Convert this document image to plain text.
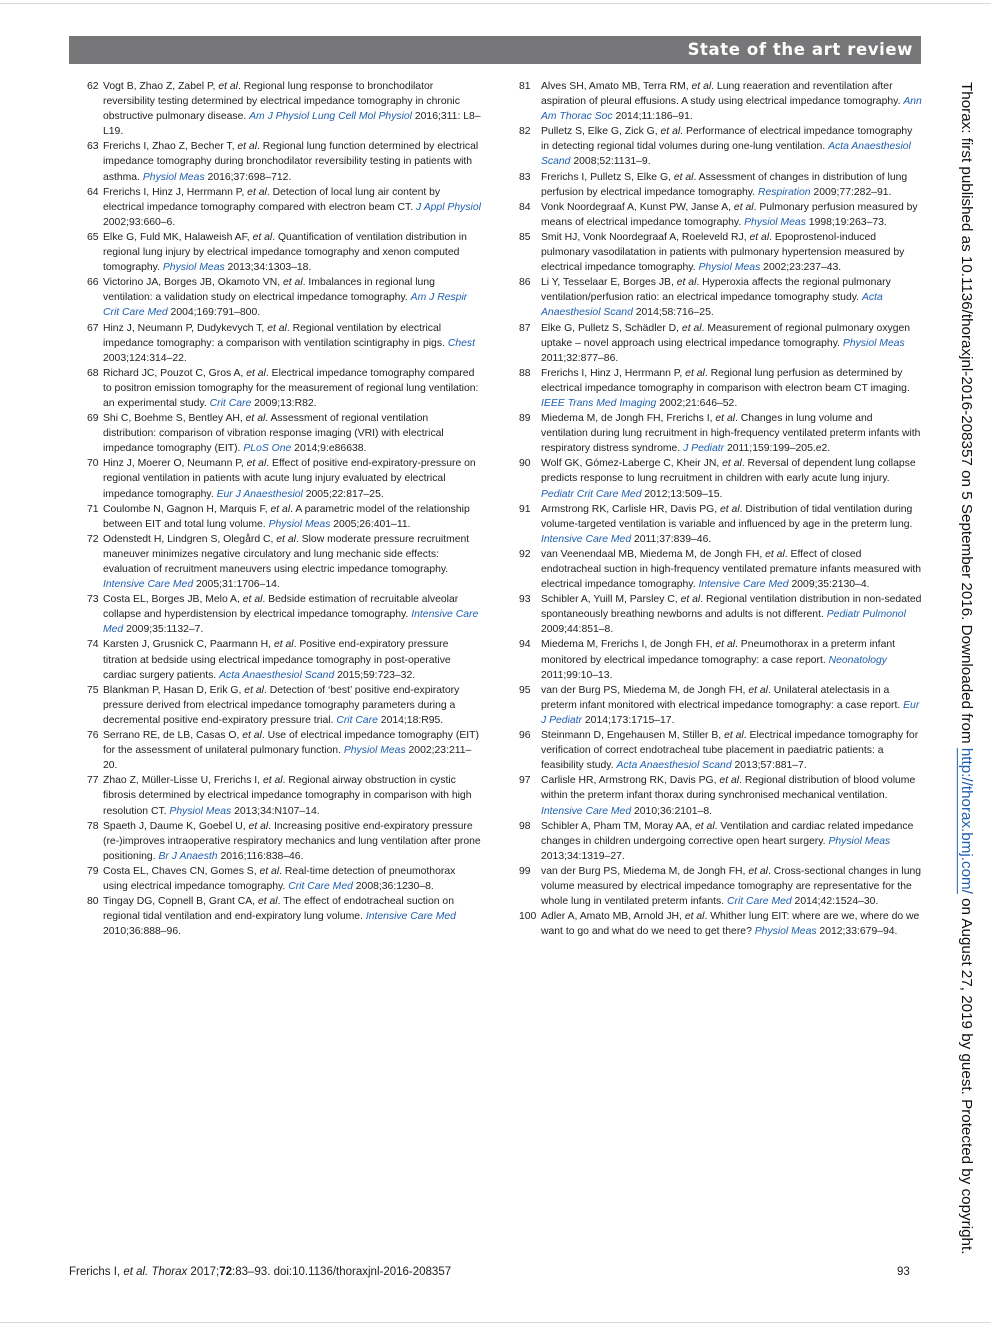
State of the art review
62 Vogt B, Zhao Z, Zabel P, et al. Regional lung response to bronchodilator reversibility testing determined by electrical impedance tomography in chronic obstructive pulmonary disease. Am J Physiol Lung Cell Mol Physiol 2016;311: L8–L19.
63 Frerichs I, Zhao Z, Becher T, et al. Regional lung function determined by electrical impedance tomography during bronchodilator reversibility testing in patients with asthma. Physiol Meas 2016;37:698–712.
64 Frerichs I, Hinz J, Herrmann P, et al. Detection of local lung air content by electrical impedance tomography compared with electron beam CT. J Appl Physiol 2002;93:660–6.
65 Elke G, Fuld MK, Halaweish AF, et al. Quantification of ventilation distribution in regional lung injury by electrical impedance tomography and xenon computed tomography. Physiol Meas 2013;34:1303–18.
66 Victorino JA, Borges JB, Okamoto VN, et al. Imbalances in regional lung ventilation: a validation study on electrical impedance tomography. Am J Respir Crit Care Med 2004;169:791–800.
67 Hinz J, Neumann P, Dudykevych T, et al. Regional ventilation by electrical impedance tomography: a comparison with ventilation scintigraphy in pigs. Chest 2003;124:314–22.
68 Richard JC, Pouzot C, Gros A, et al. Electrical impedance tomography compared to positron emission tomography for the measurement of regional lung ventilation: an experimental study. Crit Care 2009;13:R82.
69 Shi C, Boehme S, Bentley AH, et al. Assessment of regional ventilation distribution: comparison of vibration response imaging (VRI) with electrical impedance tomography (EIT). PLoS One 2014;9:e86638.
70 Hinz J, Moerer O, Neumann P, et al. Effect of positive end-expiratory-pressure on regional ventilation in patients with acute lung injury evaluated by electrical impedance tomography. Eur J Anaesthesiol 2005;22:817–25.
71 Coulombe N, Gagnon H, Marquis F, et al. A parametric model of the relationship between EIT and total lung volume. Physiol Meas 2005;26:401–11.
72 Odenstedt H, Lindgren S, Olegård C, et al. Slow moderate pressure recruitment maneuver minimizes negative circulatory and lung mechanic side effects: evaluation of recruitment maneuvers using electric impedance tomography. Intensive Care Med 2005;31:1706–14.
73 Costa EL, Borges JB, Melo A, et al. Bedside estimation of recruitable alveolar collapse and hyperdistension by electrical impedance tomography. Intensive Care Med 2009;35:1132–7.
74 Karsten J, Grusnick C, Paarmann H, et al. Positive end-expiratory pressure titration at bedside using electrical impedance tomography in post-operative cardiac surgery patients. Acta Anaesthesiol Scand 2015;59:723–32.
75 Blankman P, Hasan D, Erik G, et al. Detection of ‘best’ positive end-expiratory pressure derived from electrical impedance tomography parameters during a decremental positive end-expiratory pressure trial. Crit Care 2014;18:R95.
76 Serrano RE, de LB, Casas O, et al. Use of electrical impedance tomography (EIT) for the assessment of unilateral pulmonary function. Physiol Meas 2002;23:211–20.
77 Zhao Z, Müller-Lisse U, Frerichs I, et al. Regional airway obstruction in cystic fibrosis determined by electrical impedance tomography in comparison with high resolution CT. Physiol Meas 2013;34:N107–14.
78 Spaeth J, Daume K, Goebel U, et al. Increasing positive end-expiratory pressure (re-)improves intraoperative respiratory mechanics and lung ventilation after prone positioning. Br J Anaesth 2016;116:838–46.
79 Costa EL, Chaves CN, Gomes S, et al. Real-time detection of pneumothorax using electrical impedance tomography. Crit Care Med 2008;36:1230–8.
80 Tingay DG, Copnell B, Grant CA, et al. The effect of endotracheal suction on regional tidal ventilation and end-expiratory lung volume. Intensive Care Med 2010;36:888–96.
81	Alves SH, Amato MB, Terra RM, et al. Lung reaeration and reventilation after aspiration of pleural effusions. A study using electrical impedance tomography. Ann Am Thorac Soc 2014;11:186–91.
82	Pulletz S, Elke G, Zick G, et al. Performance of electrical impedance tomography in detecting regional tidal volumes during one-lung ventilation. Acta Anaesthesiol Scand 2008;52:1131–9.
83	Frerichs I, Pulletz S, Elke G, et al. Assessment of changes in distribution of lung perfusion by electrical impedance tomography. Respiration 2009;77:282–91.
84	Vonk Noordegraaf A, Kunst PW, Janse A, et al. Pulmonary perfusion measured by means of electrical impedance tomography. Physiol Meas 1998;19:263–73.
85	Smit HJ, Vonk Noordegraaf A, Roeleveld RJ, et al. Epoprostenol-induced pulmonary vasodilatation in patients with pulmonary hypertension measured by electrical impedance tomography. Physiol Meas 2002;23:237–43.
86	Li Y, Tesselaar E, Borges JB, et al. Hyperoxia affects the regional pulmonary ventilation/perfusion ratio: an electrical impedance tomography study. Acta Anaesthesiol Scand 2014;58:716–25.
87	Elke G, Pulletz S, Schädler D, et al. Measurement of regional pulmonary oxygen uptake – novel approach using electrical impedance tomography. Physiol Meas 2011;32:877–86.
88	Frerichs I, Hinz J, Herrmann P, et al. Regional lung perfusion as determined by electrical impedance tomography in comparison with electron beam CT imaging. IEEE Trans Med Imaging 2002;21:646–52.
89	Miedema M, de Jongh FH, Frerichs I, et al. Changes in lung volume and ventilation during lung recruitment in high-frequency ventilated preterm infants with respiratory distress syndrome. J Pediatr 2011;159:199–205.e2.
90	Wolf GK, Gómez-Laberge C, Kheir JN, et al. Reversal of dependent lung collapse predicts response to lung recruitment in children with early acute lung injury. Pediatr Crit Care Med 2012;13:509–15.
91	Armstrong RK, Carlisle HR, Davis PG, et al. Distribution of tidal ventilation during volume-targeted ventilation is variable and influenced by age in the preterm lung. Intensive Care Med 2011;37:839–46.
92	van Veenendaal MB, Miedema M, de Jongh FH, et al. Effect of closed endotracheal suction in high-frequency ventilated premature infants measured with electrical impedance tomography. Intensive Care Med 2009;35:2130–4.
93	Schibler A, Yuill M, Parsley C, et al. Regional ventilation distribution in non-sedated spontaneously breathing newborns and adults is not different. Pediatr Pulmonol 2009;44:851–8.
94	Miedema M, Frerichs I, de Jongh FH, et al. Pneumothorax in a preterm infant monitored by electrical impedance tomography: a case report. Neonatology 2011;99:10–13.
95	van der Burg PS, Miedema M, de Jongh FH, et al. Unilateral atelectasis in a preterm infant monitored with electrical impedance tomography: a case report. Eur J Pediatr 2014;173:1715–17.
96	Steinmann D, Engehausen M, Stiller B, et al. Electrical impedance tomography for verification of correct endotracheal tube placement in paediatric patients: a feasibility study. Acta Anaesthesiol Scand 2013;57:881–7.
97	Carlisle HR, Armstrong RK, Davis PG, et al. Regional distribution of blood volume within the preterm infant thorax during synchronised mechanical ventilation. Intensive Care Med 2010;36:2101–8.
98	Schibler A, Pham TM, Moray AA, et al. Ventilation and cardiac related impedance changes in children undergoing corrective open heart surgery. Physiol Meas 2013;34:1319–27.
99	van der Burg PS, Miedema M, de Jongh FH, et al. Cross-sectional changes in lung volume measured by electrical impedance tomography are representative for the whole lung in ventilated preterm infants. Crit Care Med 2014;42:1524–30.
100 Adler A, Amato MB, Arnold JH, et al. Whither lung EIT: where are we, where do we want to go and what do we need to get there? Physiol Meas 2012;33:679–94.
Thorax: first published as 10.1136/thoraxjnl-2016-208357 on 5 September 2016. Downloaded from http://thorax.bmj.com/ on August 27, 2019 by guest. Protected by copyright.
Frerichs I, et al. Thorax 2017;72:83–93. doi:10.1136/thoraxjnl-2016-208357	93
